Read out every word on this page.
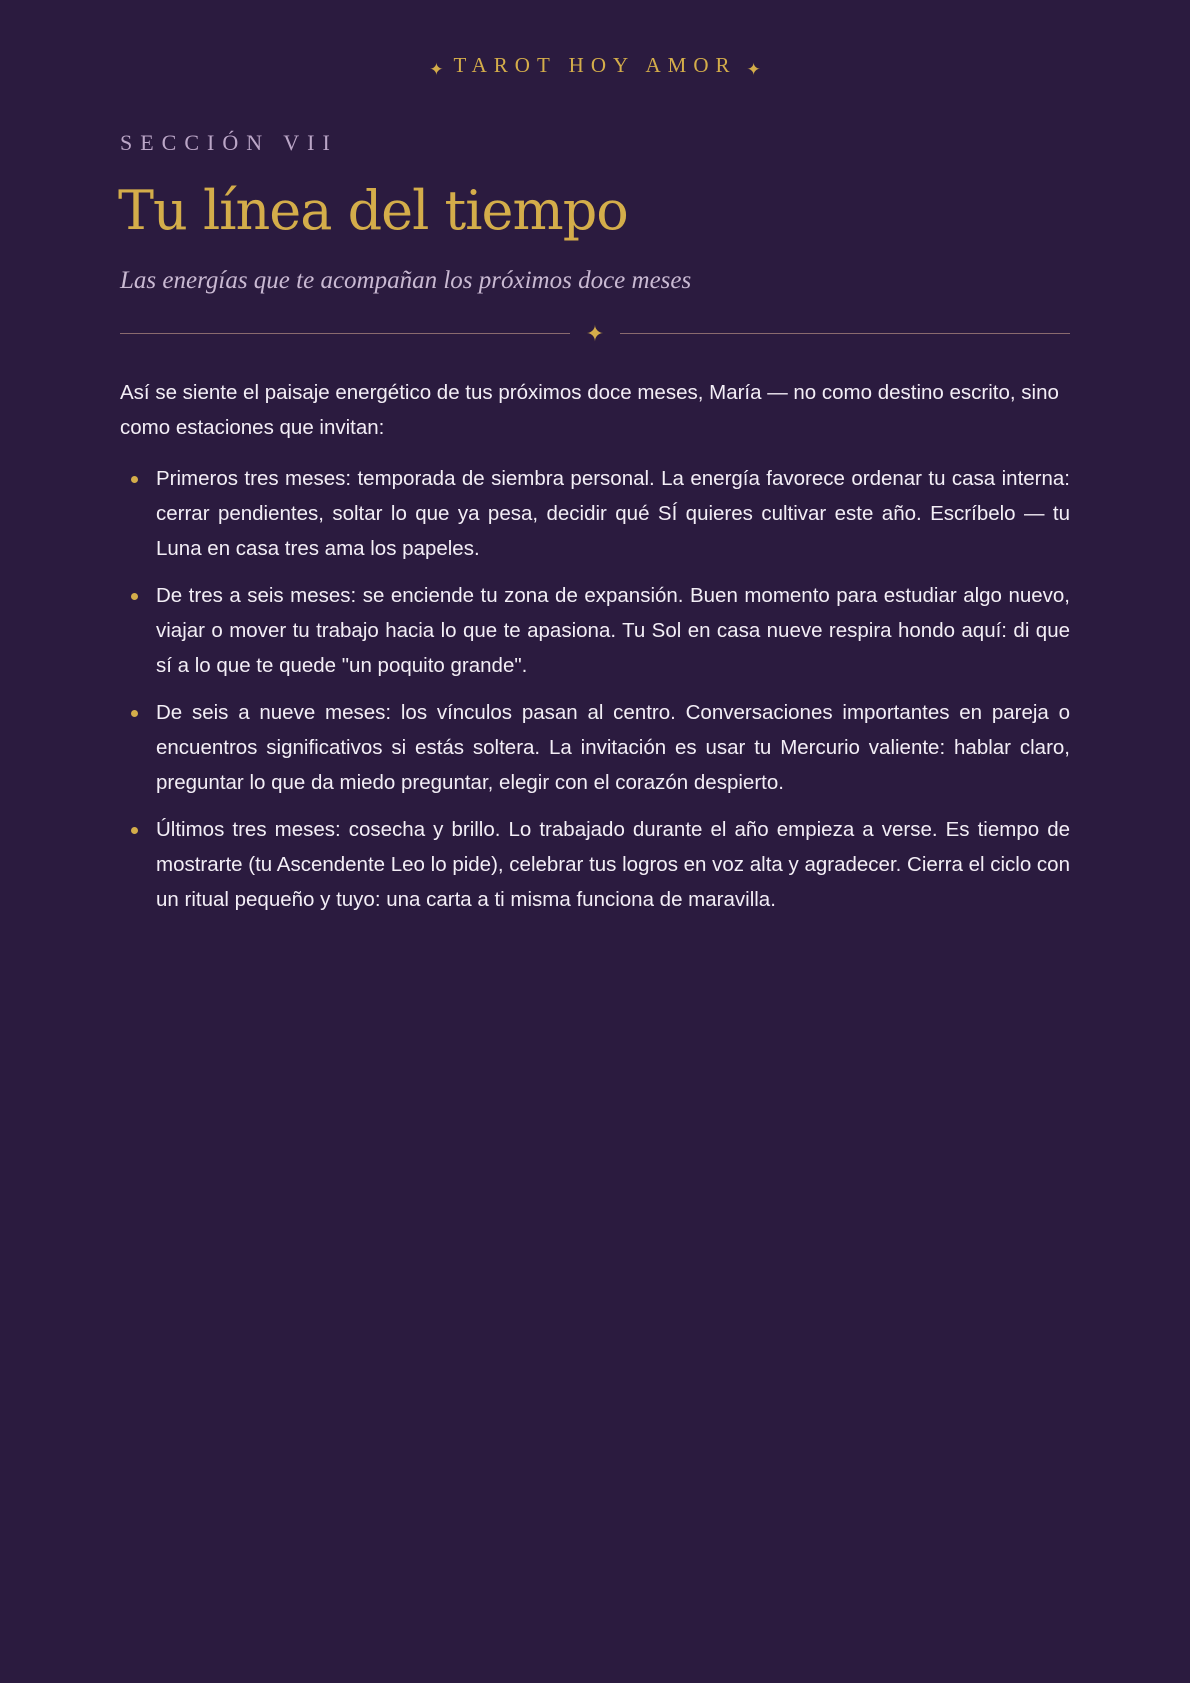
✦ TAROT HOY AMOR ✦
SECCIÓN VII
Tu línea del tiempo
Las energías que te acompañan los próximos doce meses
✦

Así se siente el paisaje energético de tus próximos doce meses, María — no como destino escrito, sino como estaciones que invitan:

Primeros tres meses: temporada de siembra personal. La energía favorece ordenar tu casa interna: cerrar pendientes, soltar lo que ya pesa, decidir qué SÍ quieres cultivar este año. Escríbelo — tu Luna en casa tres ama los papeles.
De tres a seis meses: se enciende tu zona de expansión. Buen momento para estudiar algo nuevo, viajar o mover tu trabajo hacia lo que te apasiona. Tu Sol en casa nueve respira hondo aquí: di que sí a lo que te quede "un poquito grande".
De seis a nueve meses: los vínculos pasan al centro. Conversaciones importantes en pareja o encuentros significativos si estás soltera. La invitación es usar tu Mercurio valiente: hablar claro, preguntar lo que da miedo preguntar, elegir con el corazón despierto.
Últimos tres meses: cosecha y brillo. Lo trabajado durante el año empieza a verse. Es tiempo de mostrarte (tu Ascendente Leo lo pide), celebrar tus logros en voz alta y agradecer. Cierra el ciclo con un ritual pequeño y tuyo: una carta a ti misma funciona de maravilla.
